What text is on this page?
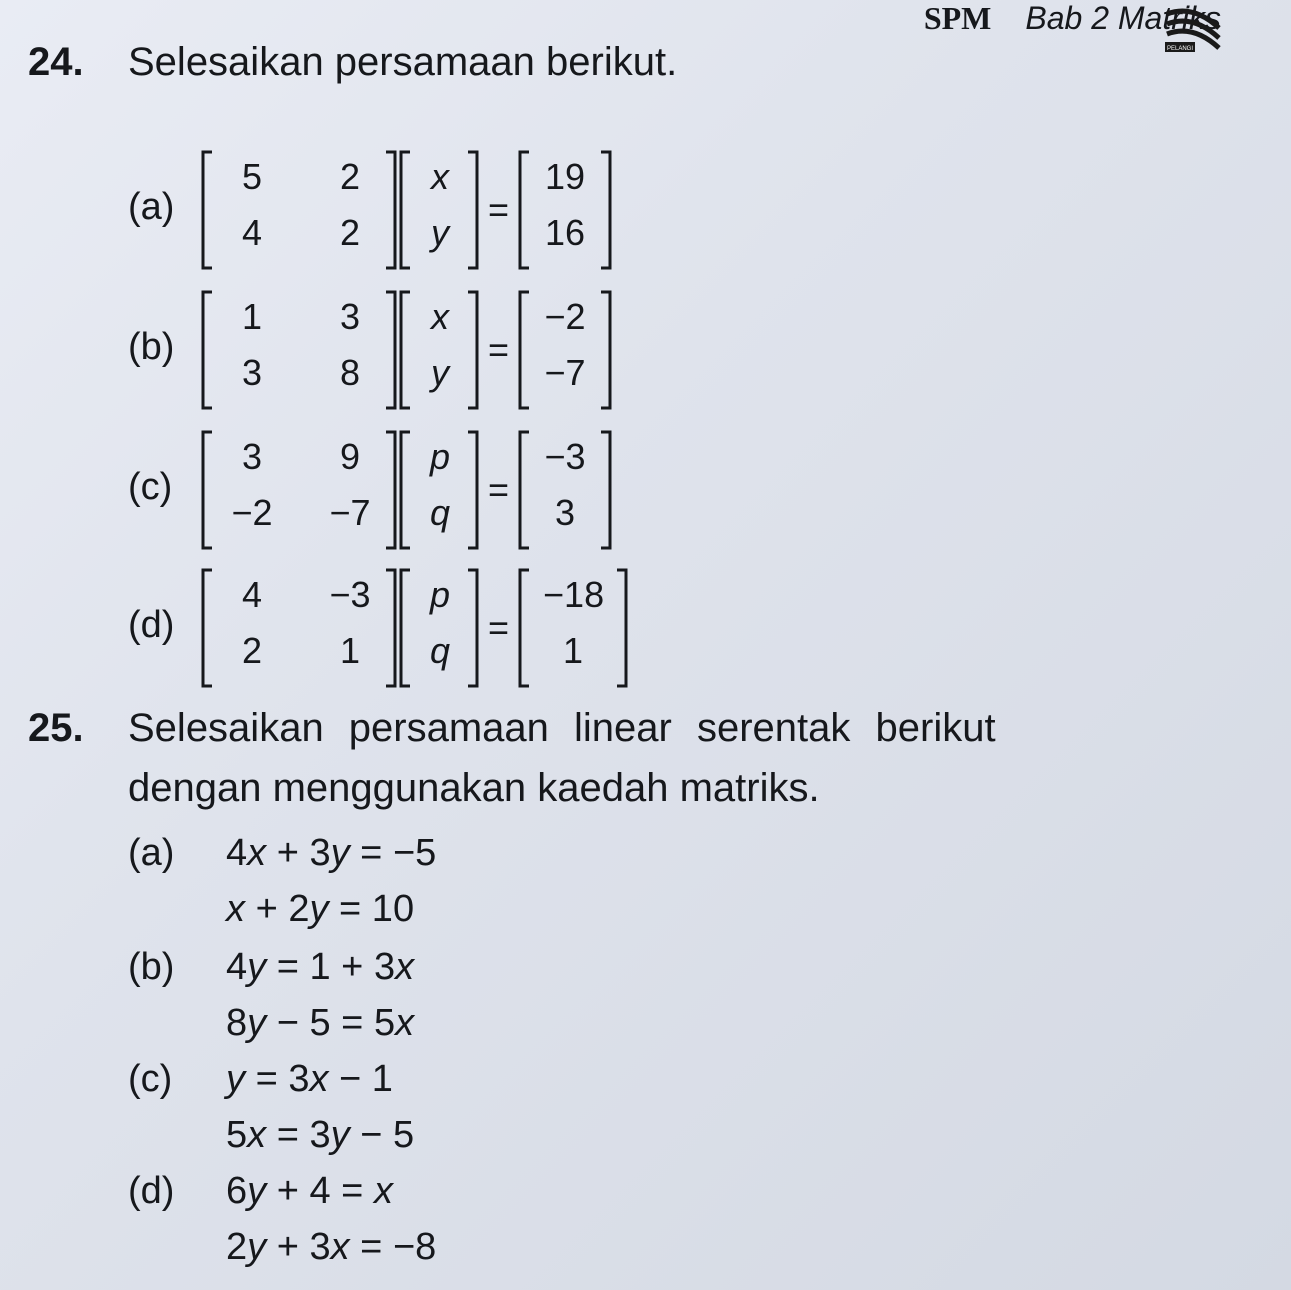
SPM Bab 2 Matriks
PELANGI
24. Selesaikan persamaan berikut.
(a)
5	2
4	2
x
y
=
19
16
(b)
1	3
3	8
x
y
=
−2
−7
(c)
3	9
−2 −7
p
q
=
−3
3
(d)
4	−3
2	1
p
q
=
−18
1
25. Selesaikan persamaan linear serentak berikut
dengan menggunakan kaedah matriks.
(a) 4x + 3y = −5
x + 2y = 10
(b) 4y = 1 + 3x
8y − 5 = 5x
(c) y = 3x − 1
5x = 3y − 5
(d) 6y + 4 = x
2y + 3x = −8
